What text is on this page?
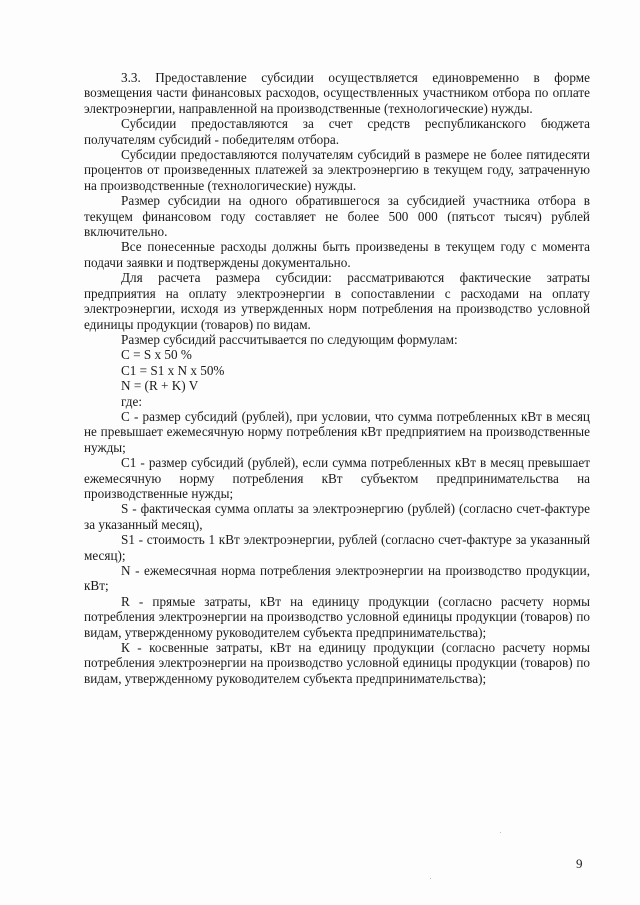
3.3. Предоставление субсидии осуществляется единовременно в форме возмещения части финансовых расходов, осуществленных участником отбора по оплате электроэнергии, направленной на производственные (технологические) нужды.

Субсидии предоставляются за счет средств республиканского бюджета получателям субсидий - победителям отбора.

Субсидии предоставляются получателям субсидий в размере не более пятидесяти процентов от произведенных платежей за электроэнергию в текущем году, затраченную на производственные (технологические) нужды.

Размер субсидии на одного обратившегося за субсидией участника отбора в текущем финансовом году составляет не более 500 000 (пятьсот тысяч) рублей включительно.

Все понесенные расходы должны быть произведены в текущем году с момента подачи заявки и подтверждены документально.

Для расчета размера субсидии: рассматриваются фактические затраты предприятия на оплату электроэнергии в сопоставлении с расходами на оплату электроэнергии, исходя из утвержденных норм потребления на производство условной единицы продукции (товаров) по видам.

Размер субсидий рассчитывается по следующим формулам:

С = S x 50 %

С1 = S1 x N x 50%

N = (R + K) V

где:

С - размер субсидий (рублей), при условии, что сумма потребленных кВт в месяц не превышает ежемесячную норму потребления кВт предприятием на производственные нужды;

С1 - размер субсидий (рублей), если сумма потребленных кВт в месяц превышает ежемесячную норму потребления кВт субъектом предпринимательства на производственные нужды;

S - фактическая сумма оплаты за электроэнергию (рублей) (согласно счет-фактуре за указанный месяц),

S1 - стоимость 1 кВт электроэнергии, рублей (согласно счет-фактуре за указанный месяц);

N - ежемесячная норма потребления электроэнергии на производство продукции, кВт;

R - прямые затраты, кВт на единицу продукции (согласно расчету нормы потребления электроэнергии на производство условной единицы продукции (товаров) по видам, утвержденному руководителем субъекта предпринимательства);

К - косвенные затраты, кВт на единицу продукции (согласно расчету нормы потребления электроэнергии на производство условной единицы продукции (товаров) по видам, утвержденному руководителем субъекта предпринимательства);

9
